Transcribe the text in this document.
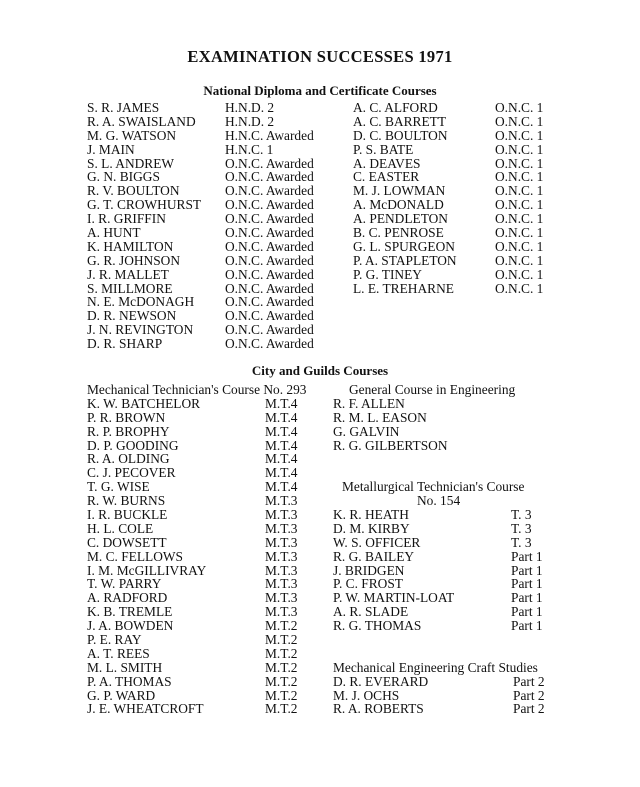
EXAMINATION SUCCESSES 1971
National Diploma and Certificate Courses
S. R. JAMES	H.N.D. 2
R. A. SWAISLAND H.N.D. 2
M. G. WATSON	H.N.C. Awarded
J. MAIN	H.N.C. 1
S. L. ANDREW	O.N.C. Awarded
G. N. BIGGS	O.N.C. Awarded
R. V. BOULTON	O.N.C. Awarded
G. T. CROWHURST O.N.C. Awarded
I. R. GRIFFIN	O.N.C. Awarded
A. HUNT	O.N.C. Awarded
K. HAMILTON	O.N.C. Awarded
G. R. JOHNSON	O.N.C. Awarded
J. R. MALLET	O.N.C. Awarded
S. MILLMORE	O.N.C. Awarded
N. E. McDONAGH O.N.C. Awarded
D. R. NEWSON	O.N.C. Awarded
J. N. REVINGTON O.N.C. Awarded
D. R. SHARP	O.N.C. Awarded
A. C. ALFORD	O.N.C. 1
A. C. BARRETT	O.N.C. 1
D. C. BOULTON	O.N.C. 1
P. S. BATE	O.N.C. 1
A. DEAVES	O.N.C. 1
C. EASTER	O.N.C. 1
M. J. LOWMAN	O.N.C. 1
A. McDONALD	O.N.C. 1
A. PENDLETON	O.N.C. 1
B. C. PENROSE	O.N.C. 1
G. L. SPURGEON	O.N.C. 1
P. A. STAPLETON	O.N.C. 1
P. G. TINEY	O.N.C. 1
L. E. TREHARNE	O.N.C. 1
City and Guilds Courses
Mechanical Technician's Course No. 293
K. W. BATCHELOR	M.T.4
P. R. BROWN	M.T.4
R. P. BROPHY	M.T.4
D. P. GOODING	M.T.4
R. A. OLDING	M.T.4
C. J. PECOVER	M.T.4
T. G. WISE	M.T.4
R. W. BURNS	M.T.3
I. R. BUCKLE	M.T.3
H. L. COLE	M.T.3
C. DOWSETT	M.T.3
M. C. FELLOWS	M.T.3
I. M. McGILLIVRAY	M.T.3
T. W. PARRY	M.T.3
A. RADFORD	M.T.3
K. B. TREMLE	M.T.3
J. A. BOWDEN	M.T.2
P. E. RAY	M.T.2
A. T. REES	M.T.2
M. L. SMITH	M.T.2
P. A. THOMAS	M.T.2
G. P. WARD	M.T.2
J. E. WHEATCROFT	M.T.2
General Course in Engineering
R. F. ALLEN
R. M. L. EASON
G. GALVIN
R. G. GILBERTSON
Metallurgical Technician's Course
No. 154
K. R. HEATH	T. 3
D. M. KIRBY	T. 3
W. S. OFFICER	T. 3
R. G. BAILEY	Part 1
J. BRIDGEN	Part 1
P. C. FROST	Part 1
P. W. MARTIN-LOAT	Part 1
A. R. SLADE	Part 1
R. G. THOMAS	Part 1
Mechanical Engineering Craft Studies
D. R. EVERARD	Part 2
M. J. OCHS	Part 2
R. A. ROBERTS	Part 2
